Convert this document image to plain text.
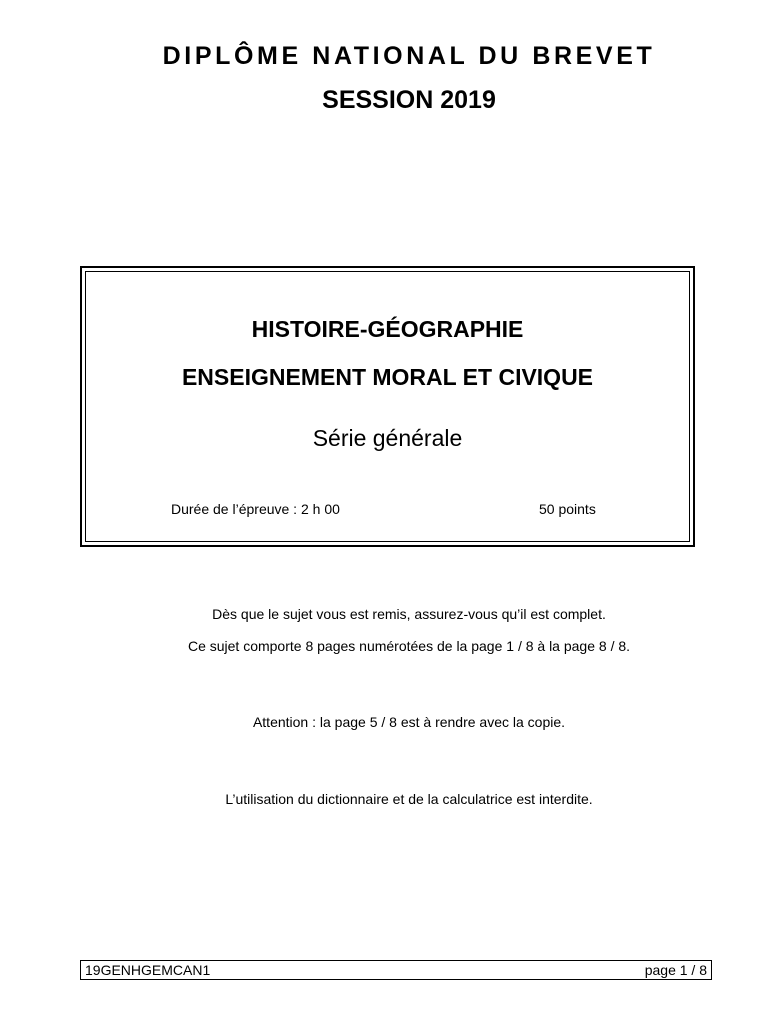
DIPLÔME NATIONAL DU BREVET
SESSION 2019
HISTOIRE-GÉOGRAPHIE
ENSEIGNEMENT MORAL ET CIVIQUE
Série générale
Durée de l’épreuve : 2 h 00	50 points
Dès que le sujet vous est remis, assurez-vous qu’il est complet.
Ce sujet comporte 8 pages numérotées de la page 1 / 8 à la page 8 / 8.
Attention : la page 5 / 8 est à rendre avec la copie.
L’utilisation du dictionnaire et de la calculatrice est interdite.
19GENHGEMCAN1	page 1 / 8
